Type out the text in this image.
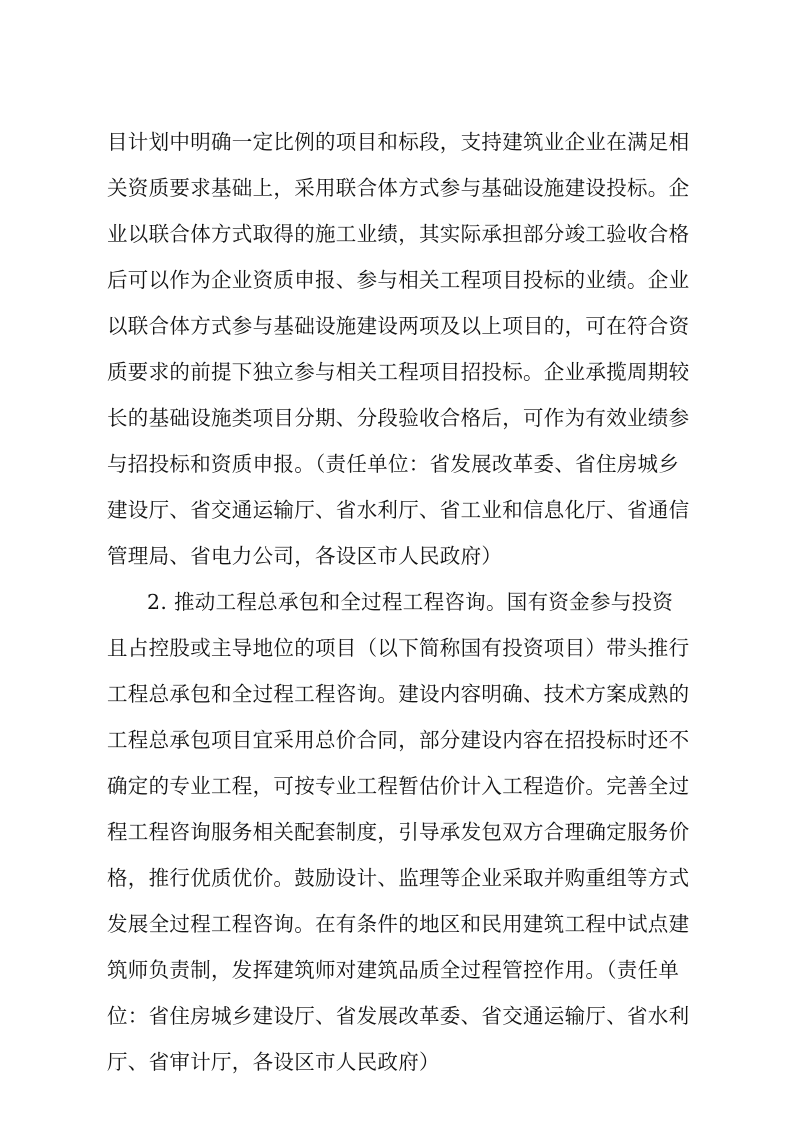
目计划中明确一定比例的项目和标段，支持建筑业企业在满足相
关资质要求基础上，采用联合体方式参与基础设施建设投标。企
业以联合体方式取得的施工业绩，其实际承担部分竣工验收合格
后可以作为企业资质申报、参与相关工程项目投标的业绩。企业
以联合体方式参与基础设施建设两项及以上项目的，可在符合资
质要求的前提下独立参与相关工程项目招投标。企业承揽周期较
长的基础设施类项目分期、分段验收合格后，可作为有效业绩参
与招投标和资质申报。（责任单位：省发展改革委、省住房城乡
建设厅、省交通运输厅、省水利厅、省工业和信息化厅、省通信
管理局、省电力公司，各设区市人民政府）
2. 推动工程总承包和全过程工程咨询。国有资金参与投资
且占控股或主导地位的项目（以下简称国有投资项目）带头推行
工程总承包和全过程工程咨询。建设内容明确、技术方案成熟的
工程总承包项目宜采用总价合同，部分建设内容在招投标时还不
确定的专业工程，可按专业工程暂估价计入工程造价。完善全过
程工程咨询服务相关配套制度，引导承发包双方合理确定服务价
格，推行优质优价。鼓励设计、监理等企业采取并购重组等方式
发展全过程工程咨询。在有条件的地区和民用建筑工程中试点建
筑师负责制，发挥建筑师对建筑品质全过程管控作用。（责任单
位：省住房城乡建设厅、省发展改革委、省交通运输厅、省水利
厅、省审计厅，各设区市人民政府）
